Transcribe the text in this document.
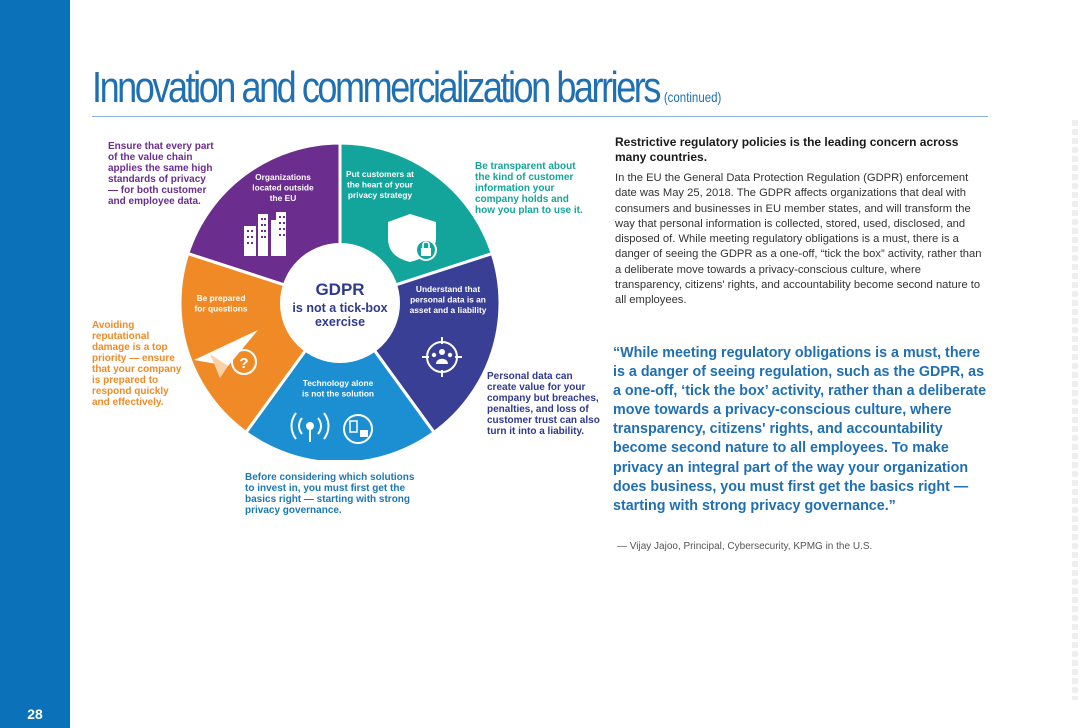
28
Innovation and commercialization barriers (continued)
Ensure that every part
of the value chain
applies the same high
standards of privacy
— for both customer
and employee data.
Be transparent about
the kind of customer
information your
company holds and
how you plan to use it.
Avoiding
reputational
damage is a top
priority — ensure
that your company
is prepared to
respond quickly
and effectively.
Personal data can
create value for your
company but breaches,
penalties, and loss of
customer trust can also
turn it into a liability.
Before considering which solutions
to invest in, you must first get the
basics right — starting with strong
privacy governance.
GDPR
is not a tick-box
exercise
Organizations located outside the EU
Put customers at the heart of your privacy strategy
Understand that personal data is an asset and a liability
Technology alone is not the solution
Be prepared for questions
?
Restrictive regulatory policies is the leading concern across many countries.
In the EU the General Data Protection Regulation (GDPR) enforcement date was May 25, 2018. The GDPR affects organizations that deal with consumers and businesses in EU member states, and will transform the way that personal information is collected, stored, used, disclosed, and disposed of. While meeting regulatory obligations is a must, there is a danger of seeing the GDPR as a one-off, “tick the box” activity, rather than a deliberate move towards a privacy-conscious culture, where transparency, citizens' rights, and accountability become second nature to all employees.
“While meeting regulatory obligations is a must, there is a danger of seeing regulation, such as the GDPR, as a one-off, ‘tick the box’ activity, rather than a deliberate move towards a privacy-conscious culture, where transparency, citizens' rights, and accountability become second nature to all employees. To make privacy an integral part of the way your organization does business, you must first get the basics right — starting with strong privacy governance.”
— Vijay Jajoo, Principal, Cybersecurity, KPMG in the U.S.
